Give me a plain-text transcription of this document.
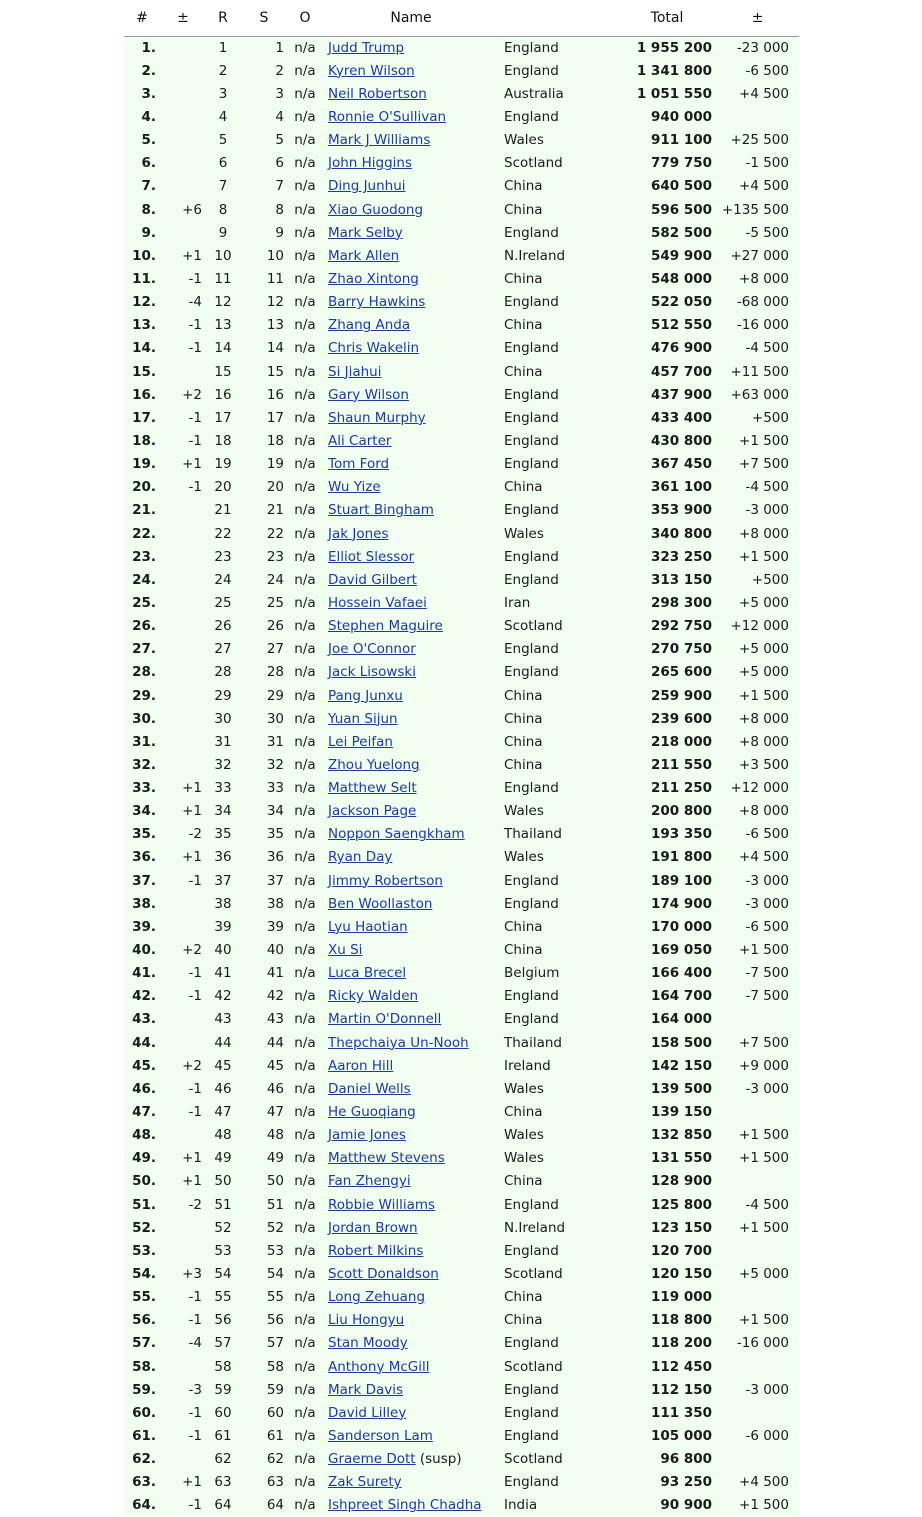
#	±	R	S	O	Name		Total	±
1.		1	1	n/a	Judd Trump	England	1 955 200	-23 000
2.		2	2	n/a	Kyren Wilson	England	1 341 800	-6 500
3.		3	3	n/a	Neil Robertson	Australia	1 051 550	+4 500
4.		4	4	n/a	Ronnie O'Sullivan	England	940 000	
5.		5	5	n/a	Mark J Williams	Wales	911 100	+25 500
6.		6	6	n/a	John Higgins	Scotland	779 750	-1 500
7.		7	7	n/a	Ding Junhui	China	640 500	+4 500
8.	+6	8	8	n/a	Xiao Guodong	China	596 500	+135 500
9.		9	9	n/a	Mark Selby	England	582 500	-5 500
10.	+1	10	10	n/a	Mark Allen	N.Ireland	549 900	+27 000
11.	-1	11	11	n/a	Zhao Xintong	China	548 000	+8 000
12.	-4	12	12	n/a	Barry Hawkins	England	522 050	-68 000
13.	-1	13	13	n/a	Zhang Anda	China	512 550	-16 000
14.	-1	14	14	n/a	Chris Wakelin	England	476 900	-4 500
15.		15	15	n/a	Si Jiahui	China	457 700	+11 500
16.	+2	16	16	n/a	Gary Wilson	England	437 900	+63 000
17.	-1	17	17	n/a	Shaun Murphy	England	433 400	+500
18.	-1	18	18	n/a	Ali Carter	England	430 800	+1 500
19.	+1	19	19	n/a	Tom Ford	England	367 450	+7 500
20.	-1	20	20	n/a	Wu Yize	China	361 100	-4 500
21.		21	21	n/a	Stuart Bingham	England	353 900	-3 000
22.		22	22	n/a	Jak Jones	Wales	340 800	+8 000
23.		23	23	n/a	Elliot Slessor	England	323 250	+1 500
24.		24	24	n/a	David Gilbert	England	313 150	+500
25.		25	25	n/a	Hossein Vafaei	Iran	298 300	+5 000
26.		26	26	n/a	Stephen Maguire	Scotland	292 750	+12 000
27.		27	27	n/a	Joe O'Connor	England	270 750	+5 000
28.		28	28	n/a	Jack Lisowski	England	265 600	+5 000
29.		29	29	n/a	Pang Junxu	China	259 900	+1 500
30.		30	30	n/a	Yuan Sijun	China	239 600	+8 000
31.		31	31	n/a	Lei Peifan	China	218 000	+8 000
32.		32	32	n/a	Zhou Yuelong	China	211 550	+3 500
33.	+1	33	33	n/a	Matthew Selt	England	211 250	+12 000
34.	+1	34	34	n/a	Jackson Page	Wales	200 800	+8 000
35.	-2	35	35	n/a	Noppon Saengkham	Thailand	193 350	-6 500
36.	+1	36	36	n/a	Ryan Day	Wales	191 800	+4 500
37.	-1	37	37	n/a	Jimmy Robertson	England	189 100	-3 000
38.		38	38	n/a	Ben Woollaston	England	174 900	-3 000
39.		39	39	n/a	Lyu Haotian	China	170 000	-6 500
40.	+2	40	40	n/a	Xu Si	China	169 050	+1 500
41.	-1	41	41	n/a	Luca Brecel	Belgium	166 400	-7 500
42.	-1	42	42	n/a	Ricky Walden	England	164 700	-7 500
43.		43	43	n/a	Martin O'Donnell	England	164 000	
44.		44	44	n/a	Thepchaiya Un-Nooh	Thailand	158 500	+7 500
45.	+2	45	45	n/a	Aaron Hill	Ireland	142 150	+9 000
46.	-1	46	46	n/a	Daniel Wells	Wales	139 500	-3 000
47.	-1	47	47	n/a	He Guoqiang	China	139 150	
48.		48	48	n/a	Jamie Jones	Wales	132 850	+1 500
49.	+1	49	49	n/a	Matthew Stevens	Wales	131 550	+1 500
50.	+1	50	50	n/a	Fan Zhengyi	China	128 900	
51.	-2	51	51	n/a	Robbie Williams	England	125 800	-4 500
52.		52	52	n/a	Jordan Brown	N.Ireland	123 150	+1 500
53.		53	53	n/a	Robert Milkins	England	120 700	
54.	+3	54	54	n/a	Scott Donaldson	Scotland	120 150	+5 000
55.	-1	55	55	n/a	Long Zehuang	China	119 000	
56.	-1	56	56	n/a	Liu Hongyu	China	118 800	+1 500
57.	-4	57	57	n/a	Stan Moody	England	118 200	-16 000
58.		58	58	n/a	Anthony McGill	Scotland	112 450	
59.	-3	59	59	n/a	Mark Davis	England	112 150	-3 000
60.	-1	60	60	n/a	David Lilley	England	111 350	
61.	-1	61	61	n/a	Sanderson Lam	England	105 000	-6 000
62.		62	62	n/a	Graeme Dott (susp)	Scotland	96 800	
63.	+1	63	63	n/a	Zak Surety	England	93 250	+4 500
64.	-1	64	64	n/a	Ishpreet Singh Chadha	India	90 900	+1 500
